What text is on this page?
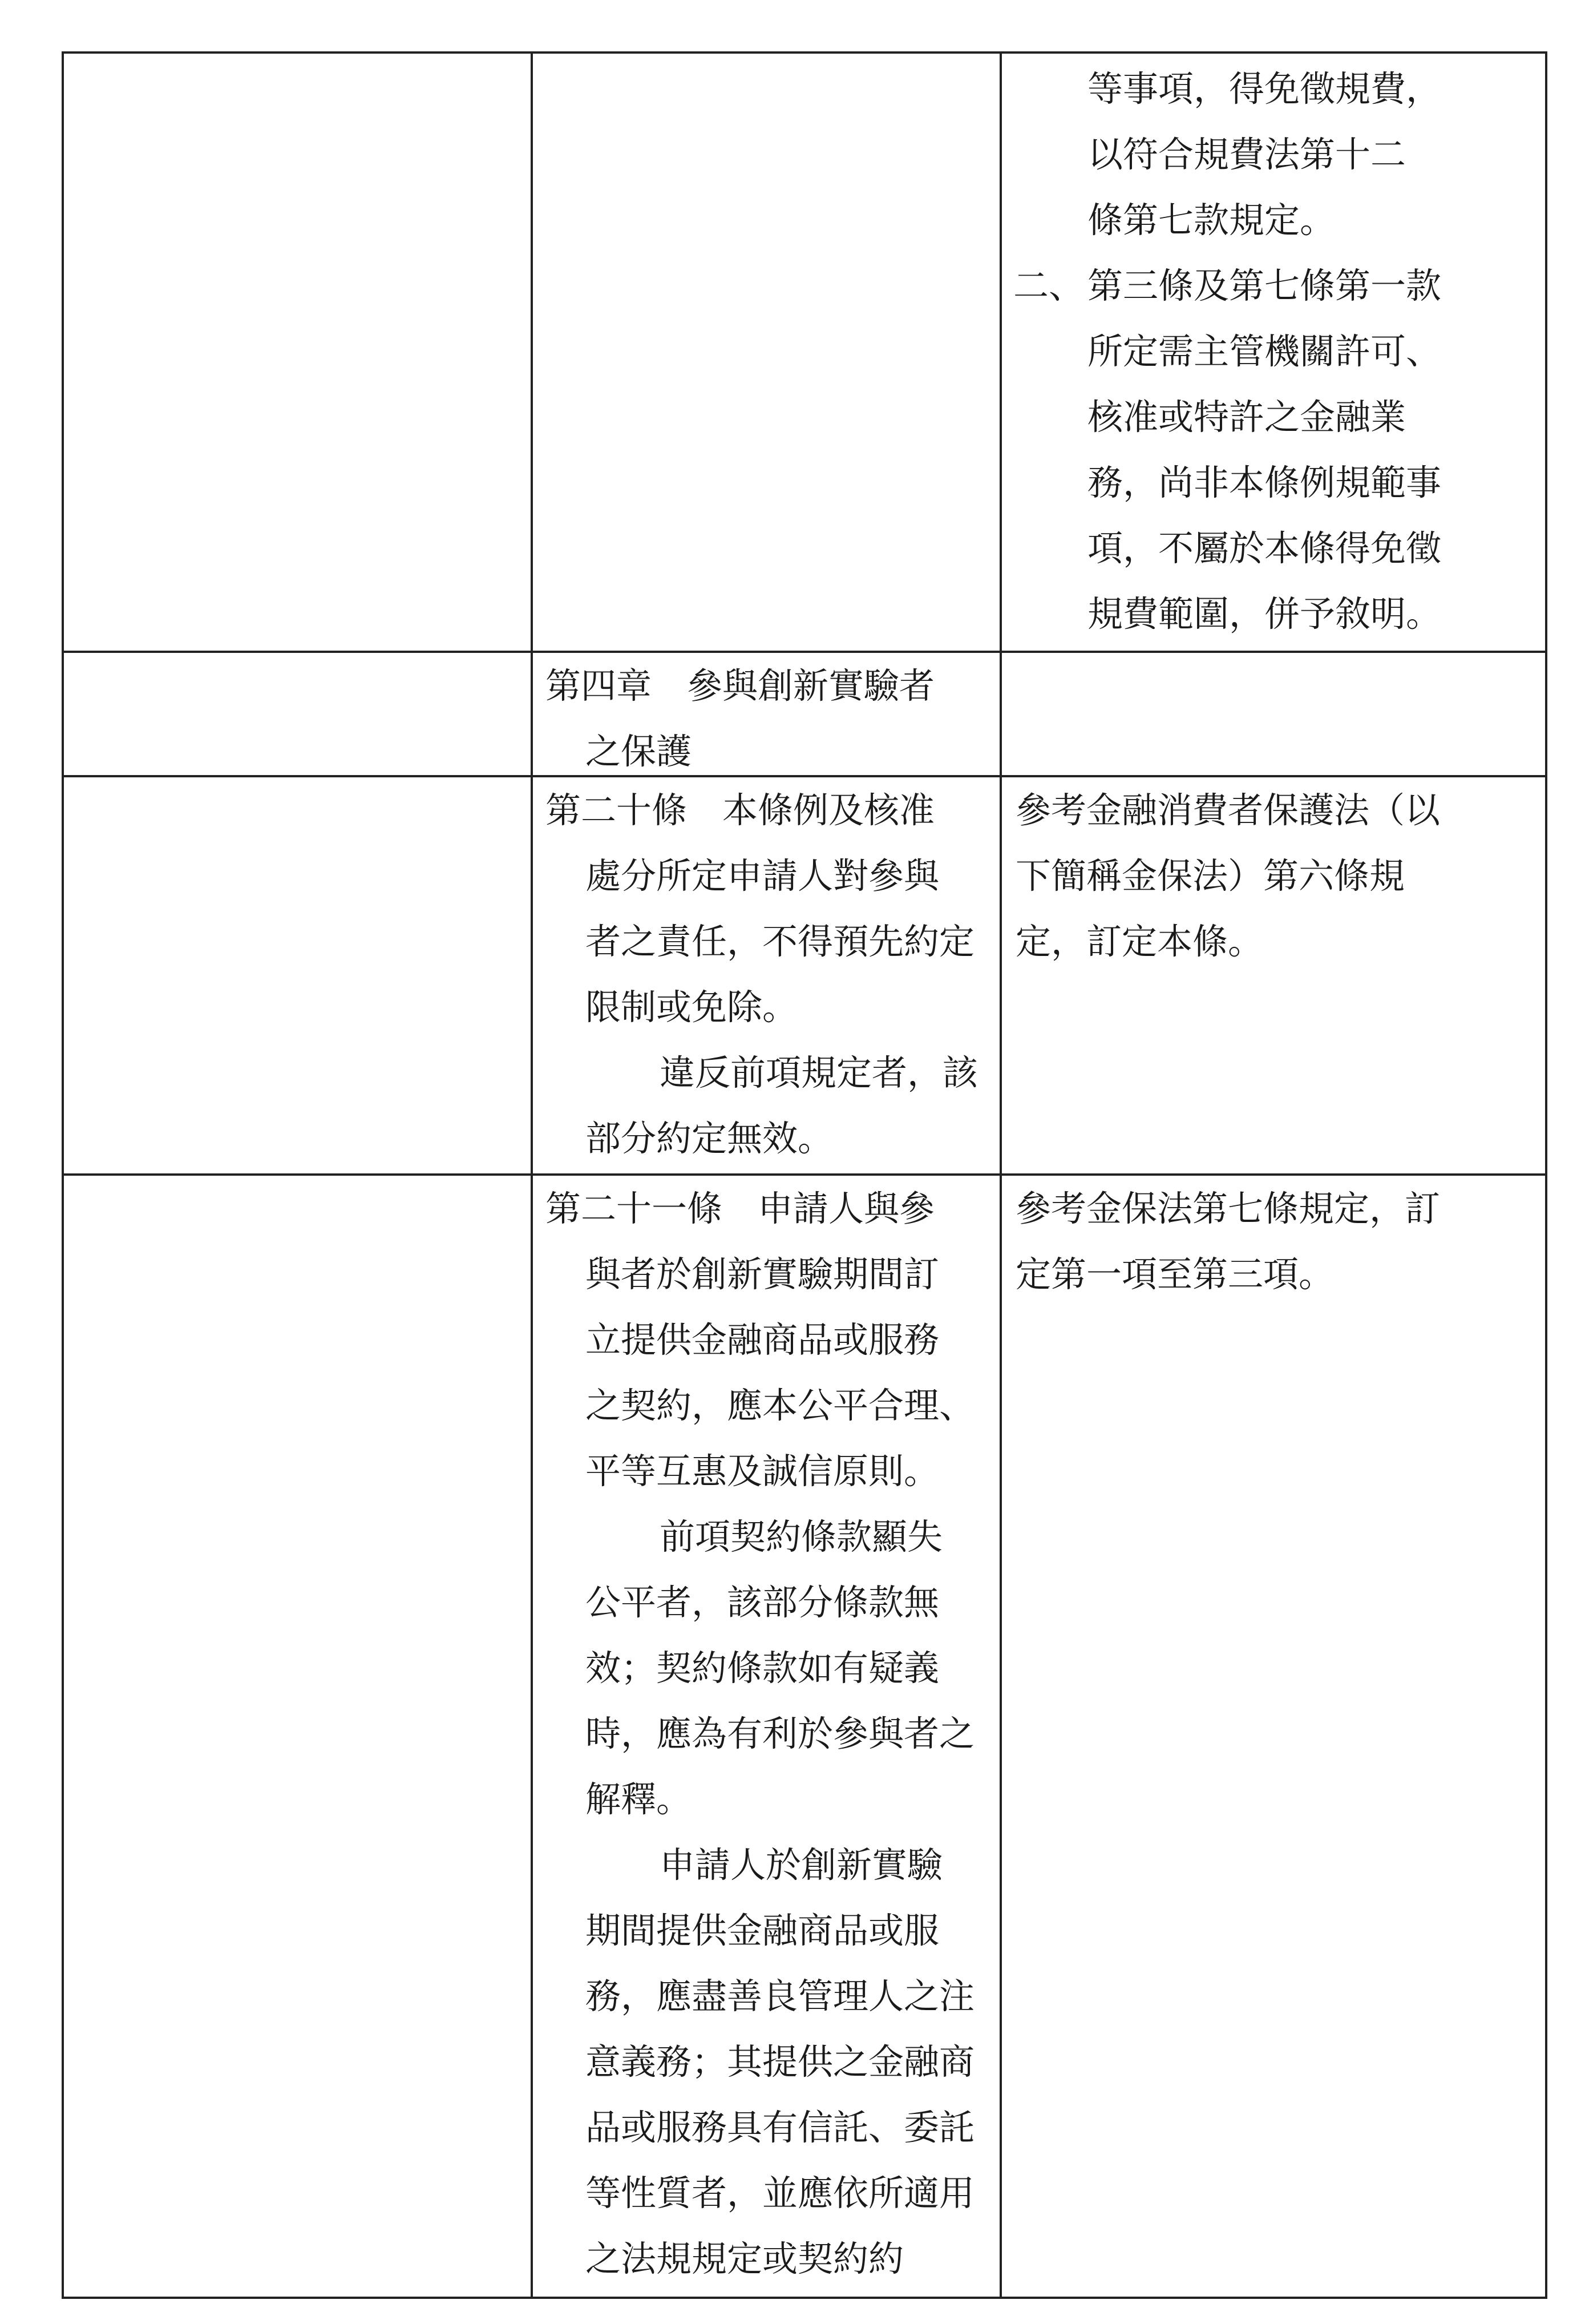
等事項，得免徵規費，
以符合規費法第十二
條第七款規定。
二、 第三條及第七條第一款
所定需主管機關許可、
核准或特許之金融業
務，尚非本條例規範事
項，不屬於本條得免徵
規費範圍，併予敘明。
第四章　參與創新實驗者
之保護
第二十條　本條例及核准
處分所定申請人對參與
者之責任，不得預先約定
限制或免除。
違反前項規定者，該
部分約定無效。
參考金融消費者保護法（以
下簡稱金保法）第六條規
定，訂定本條。
第二十一條　申請人與參
與者於創新實驗期間訂
立提供金融商品或服務
之契約，應本公平合理、
平等互惠及誠信原則。
前項契約條款顯失
公平者，該部分條款無
效；契約條款如有疑義
時，應為有利於參與者之
解釋。
申請人於創新實驗
期間提供金融商品或服
務，應盡善良管理人之注
意義務；其提供之金融商
品或服務具有信託、委託
等性質者，並應依所適用
之法規規定或契約約
參考金保法第七條規定，訂
定第一項至第三項。
